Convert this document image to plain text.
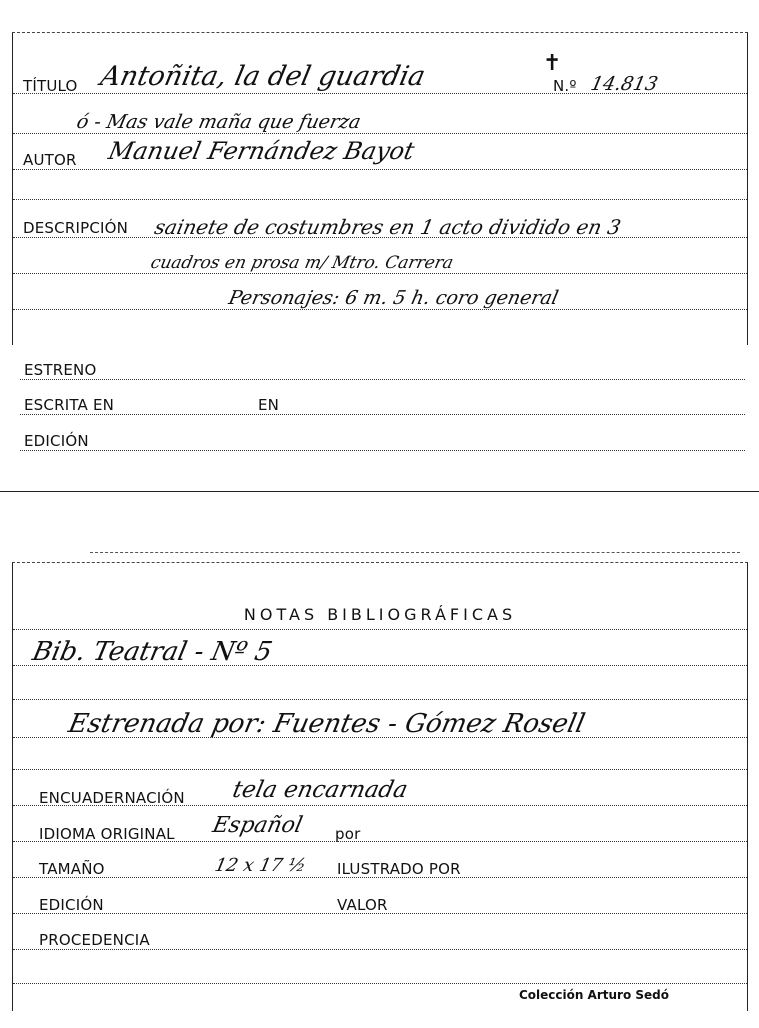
TÍTULO Antoñita, la del guardia	✝
N.º 14.813
ó - Mas vale maña que fuerza
AUTOR Manuel Fernández Bayot
DESCRIPCIÓN sainete de costumbres en 1 acto dividido en 3
cuadros en prosa m/ Mtro. Carrera
Personajes: 6 m. 5 h. coro general
ESTRENO
ESCRITA EN	EN
EDICIÓN
NOTAS BIBLIOGRÁFICAS
Bib. Teatral - Nº 5
Estrenada por: Fuentes - Gómez Rosell
ENCUADERNACIÓN tela encarnada
IDIOMA ORIGINAL Español por
TAMAÑO	12 x 17 ½ ILUSTRADO POR
EDICIÓN	VALOR
PROCEDENCIA
Colección Arturo Sedó
